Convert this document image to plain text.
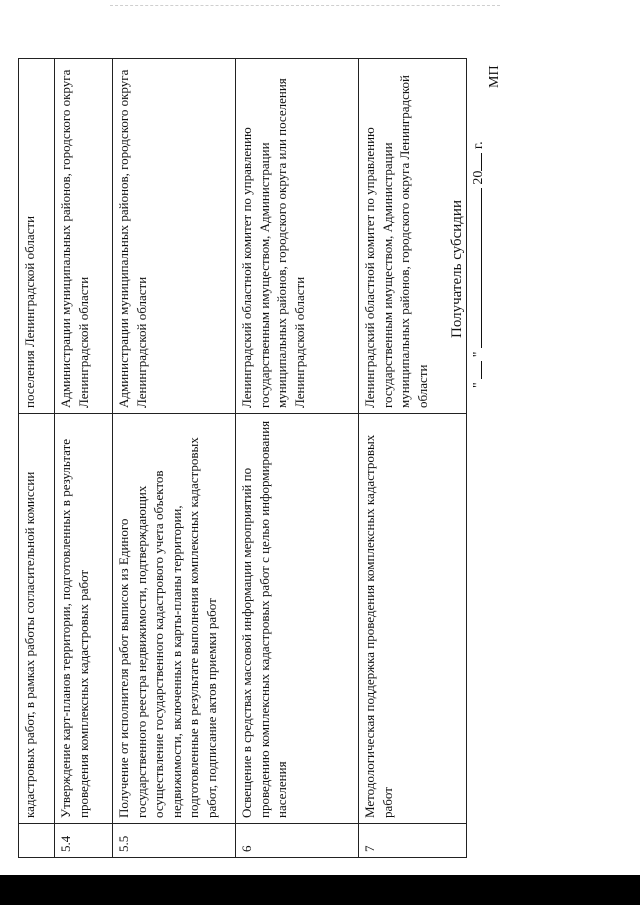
	кадастровых работ, в рамках работы согласительной комиссии	поселения Ленинградской области
5.4	Утверждение карт-планов территории, подготовленных в результате проведения комплексных кадастровых работ	Администрации муниципальных районов, городского округа Ленинградской области
5.5	Получение от исполнителя работ выписок из Единого государственного реестра недвижимости, подтверждающих осуществление государственного кадастрового учета объектов недвижимости, включенных в карты-планы территории, подготовленные в результате выполнения комплексных кадастровых работ, подписание актов приемки работ	Администрации муниципальных районов, городского округа Ленинградской области
6	Освещение в средствах массовой информации мероприятий по проведению комплексных кадастровых работ с целью информирования населения	Ленинградский областной комитет по управлению государственным имуществом, Администрации муниципальных районов, городского округа или поселения Ленинградской области
7	Методологическая поддержка проведения комплексных кадастровых работ	Ленинградский областной комитет по управлению государственным имуществом, Администрации муниципальных районов, городского округа Ленинградской области
Получатель субсидии
"  "  20 г.
МП
